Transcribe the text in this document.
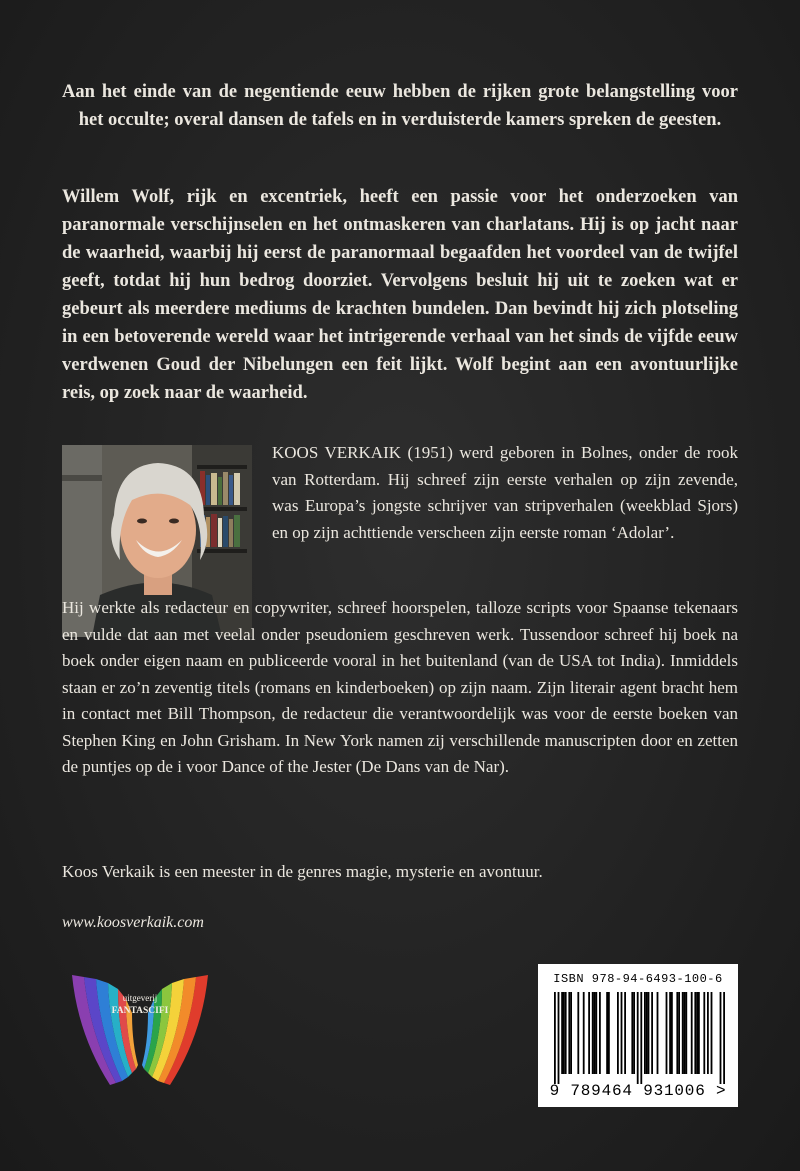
Aan het einde van de negentiende eeuw hebben de rijken grote belangstelling voor het occulte; overal dansen de tafels en in verduisterde kamers spreken de geesten.

Willem Wolf, rijk en excentriek, heeft een passie voor het onderzoeken van paranormale verschijnselen en het ontmaskeren van charlatans. Hij is op jacht naar de waarheid, waarbij hij eerst de paranormaal begaafden het voordeel van de twijfel geeft, totdat hij hun bedrog doorziet. Vervolgens besluit hij uit te zoeken wat er gebeurt als meerdere mediums de krachten bundelen. Dan bevindt hij zich plotseling in een betoverende wereld waar het intrigerende verhaal van het sinds de vijfde eeuw verdwenen Goud der Nibelungen een feit lijkt. Wolf begint aan een avontuurlijke reis, op zoek naar de waarheid.

KOOS VERKAIK (1951) werd geboren in Bolnes, onder de rook van Rotterdam. Hij schreef zijn eerste verhalen op zijn zevende, was Europa’s jongste schrijver van stripverhalen (weekblad Sjors) en op zijn achttiende verscheen zijn eerste roman ‘Adolar’.

Hij werkte als redacteur en copywriter, schreef hoorspelen, talloze scripts voor Spaanse tekenaars en vulde dat aan met veelal onder pseudoniem geschreven werk. Tussendoor schreef hij boek na boek onder eigen naam en publiceerde vooral in het buitenland (van de USA tot India). Inmiddels staan er zo’n zeventig titels (romans en kinderboeken) op zijn naam. Zijn literair agent bracht hem in contact met Bill Thompson, de redacteur die verantwoordelijk was voor de eerste boeken van Stephen King en John Grisham. In New York namen zij verschillende manuscripten door en zetten de puntjes op de i voor Dance of the Jester (De Dans van de Nar).

Koos Verkaik is een meester in de genres magie, mysterie en avontuur.

www.koosverkaik.com

uitgeverij
FANTASCIFI
ISBN 978-94-6493-100-6
9 789464 931006 >
